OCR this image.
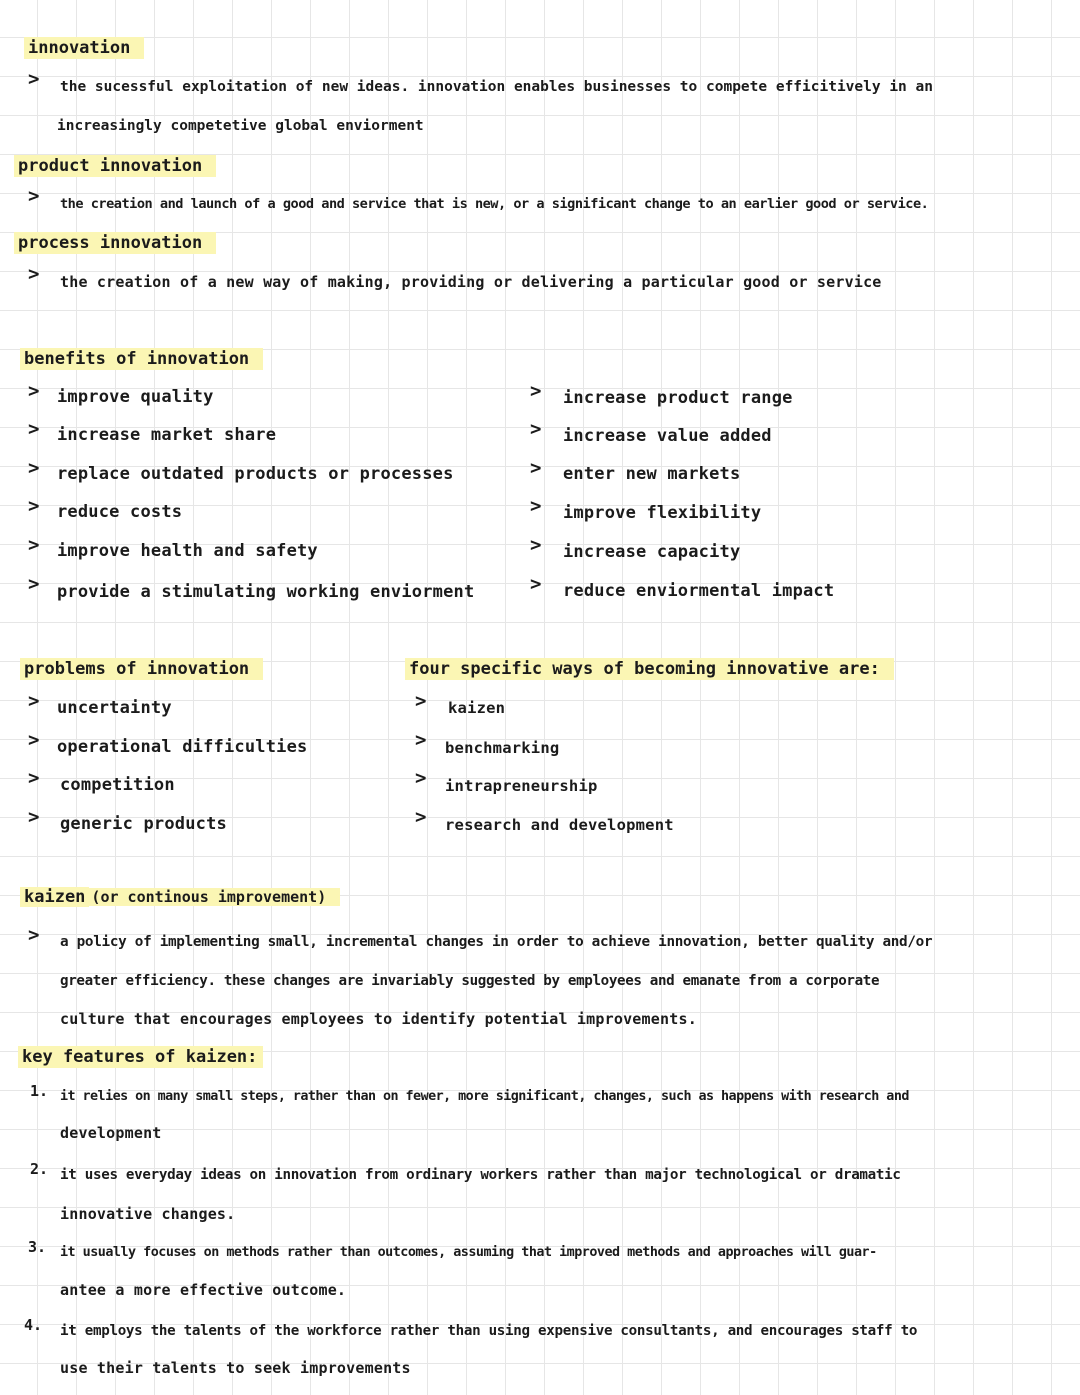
innovation
> the sucessful exploitation of new ideas. innovation enables businesses to compete efficitively in an
increasingly competetive global enviorment
product innovation
> the creation and launch of a good and service that is new, or a significant change to an earlier good or service.
process innovation
> the creation of a new way of making, providing or delivering a particular good or service
benefits of innovation
> improve quality
> increase market share
> replace outdated products or processes
> reduce costs
> improve health and safety
> provide a stimulating working enviorment
> increase product range
> increase value added
> enter new markets
> improve flexibility
> increase capacity
> reduce enviormental impact
problems of innovation
> uncertainty
> operational difficulties
> competition
> generic products
four specific ways of becoming innovative are:
> kaizen
> benchmarking
> intrapreneurship
> research and development
kaizen (or continous improvement)
> a policy of implementing small, incremental changes in order to achieve innovation, better quality and/or
greater efficiency. these changes are invariably suggested by employees and emanate from a corporate
culture that encourages employees to identify potential improvements.
key features of kaizen:
1. it relies on many small steps, rather than on fewer, more significant, changes, such as happens with research and
development
2. it uses everyday ideas on innovation from ordinary workers rather than major technological or dramatic
innovative changes.
3. it usually focuses on methods rather than outcomes, assuming that improved methods and approaches will guar-
antee a more effective outcome.
4. it employs the talents of the workforce rather than using expensive consultants, and encourages staff to
use their talents to seek improvements
